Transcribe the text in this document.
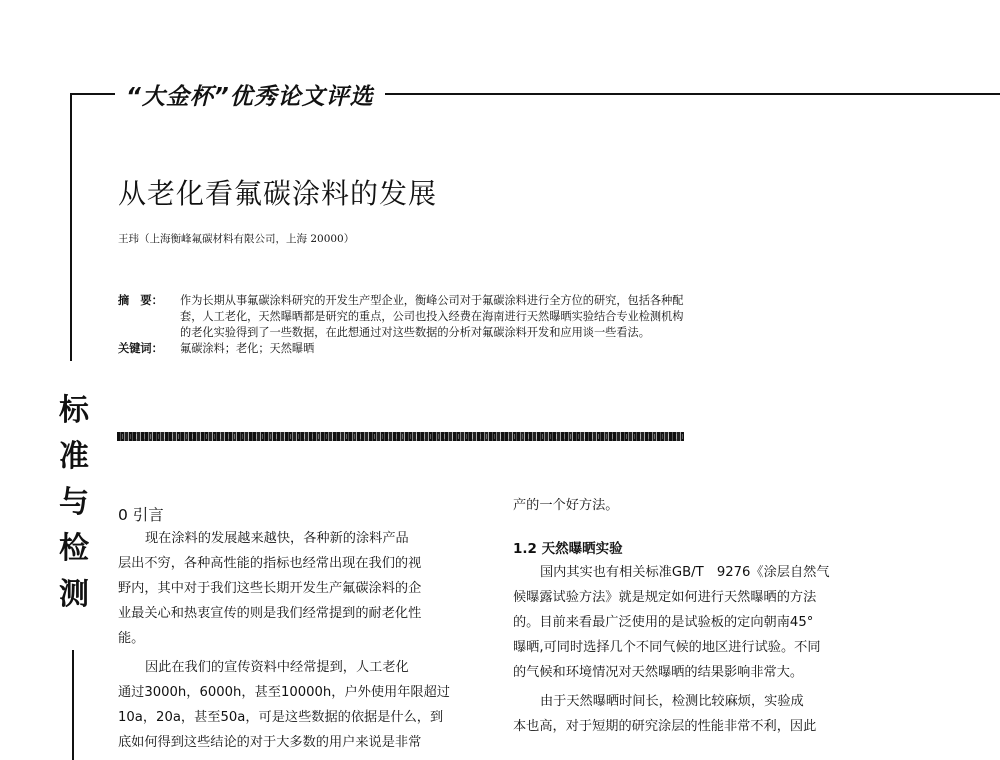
“大金杯”优秀论文评选
从老化看氟碳涂料的发展
王玮（上海衡峰氟碳材料有限公司，上海 20000）
摘　要：	作为长期从事氟碳涂料研究的开发生产型企业，衡峰公司对于氟碳涂料进行全方位的研究，包括各种配
套，人工老化，天然曝晒都是研究的重点，公司也投入经费在海南进行天然曝晒实验结合专业检测机构
的老化实验得到了一些数据，在此想通过对这些数据的分析对氟碳涂料开发和应用谈一些看法。
关键词：	氟碳涂料；老化；天然曝晒
标
准
与
检
测
0 引言
现在涂料的发展越来越快，各种新的涂料产品
层出不穷，各种高性能的指标也经常出现在我们的视
野内，其中对于我们这些长期开发生产氟碳涂料的企
业最关心和热衷宣传的则是我们经常提到的耐老化性
能。
因此在我们的宣传资料中经常提到，人工老化
通过3000h，6000h，甚至10000h，户外使用年限超过
10a，20a，甚至50a，可是这些数据的依据是什么，到
底如何得到这些结论的对于大多数的用户来说是非常
产的一个好方法。
1.2 天然曝晒实验
国内其实也有相关标准GB/T　9276《涂层自然气
候曝露试验方法》就是规定如何进行天然曝晒的方法
的。目前来看最广泛使用的是试验板的定向朝南45°
曝晒,可同时选择几个不同气候的地区进行试验。不同
的气候和环境情况对天然曝晒的结果影响非常大。
由于天然曝晒时间长，检测比较麻烦，实验成
本也高，对于短期的研究涂层的性能非常不利，因此
